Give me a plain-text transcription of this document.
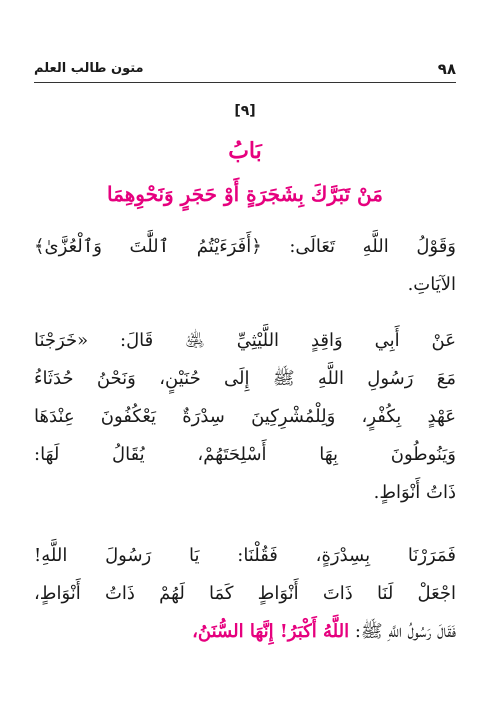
٩٨
متون طالب العلم
[٩]
بَابُ
مَنْ تَبَرَّكَ بِشَجَرَةٍ أَوْ حَجَرٍ وَنَحْوِهِمَا
وَقَوْلُ اللَّهِ تَعَالَى: ﴿أَفَرَءَيْتُمُ ٱللَّٰتَ وَٱلْعُزَّىٰ﴾
الآيَاتِ.
عَنْ أَبِي وَاقِدٍ اللَّيْثِيِّ ﵁ قَالَ: «خَرَجْنَا
مَعَ رَسُولِ اللَّهِ ﷺ إِلَى حُنَيْنٍ، وَنَحْنُ حُدَثَاءُ
عَهْدٍ بِكُفْرٍ، وَلِلْمُشْرِكِينَ سِدْرَةٌ يَعْكُفُونَ عِنْدَهَا
وَيَنُوطُونَ بِهَا أَسْلِحَتَهُمْ، يُقَالُ لَهَا:
ذَاتُ أَنْوَاطٍ.
فَمَرَرْنَا بِسِدْرَةٍ، فَقُلْنَا: يَا رَسُولَ اللَّهِ!
اجْعَلْ لَنَا ذَاتَ أَنْوَاطٍ كَمَا لَهُمْ ذَاتُ أَنْوَاطٍ،
فَقَالَ رَسُولُ اللَّهِ ﷺ: اللَّهُ أَكْبَرُ! إِنَّهَا السُّنَنُ،
